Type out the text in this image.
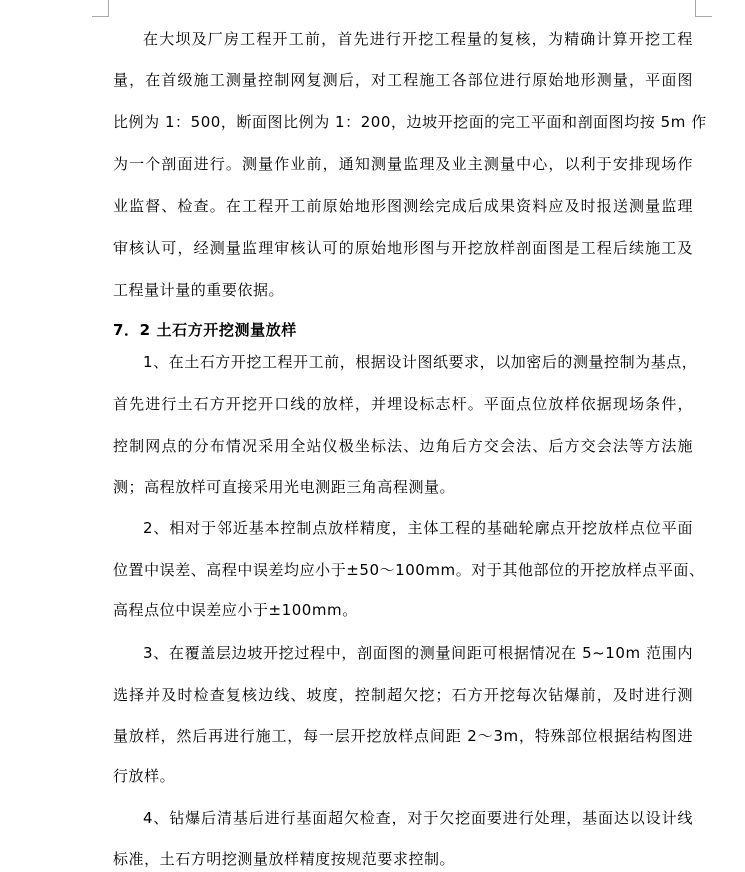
在大坝及厂房工程开工前，首先进行开挖工程量的复核，为精确计算开挖工程
量，在首级施工测量控制网复测后，对工程施工各部位进行原始地形测量，平面图
比例为 1：500，断面图比例为 1：200，边坡开挖面的完工平面和剖面图均按 5m 作
为一个剖面进行。测量作业前，通知测量监理及业主测量中心，以利于安排现场作
业监督、检查。在工程开工前原始地形图测绘完成后成果资料应及时报送测量监理
审核认可，经测量监理审核认可的原始地形图与开挖放样剖面图是工程后续施工及
工程量计量的重要依据。
7．2 土石方开挖测量放样
1、在土石方开挖工程开工前，根据设计图纸要求，以加密后的测量控制为基点，
首先进行土石方开挖开口线的放样，并埋设标志杆。平面点位放样依据现场条件，
控制网点的分布情况采用全站仪极坐标法、边角后方交会法、后方交会法等方法施
测；高程放样可直接采用光电测距三角高程测量。
2、相对于邻近基本控制点放样精度，主体工程的基础轮廓点开挖放样点位平面
位置中误差、高程中误差均应小于±50～100mm。对于其他部位的开挖放样点平面、
高程点位中误差应小于±100mm。
3、在覆盖层边坡开挖过程中，剖面图的测量间距可根据情况在 5~10m 范围内
选择并及时检查复核边线、坡度，控制超欠挖；石方开挖每次钻爆前，及时进行测
量放样，然后再进行施工，每一层开挖放样点间距 2～3m，特殊部位根据结构图进
行放样。
4、钻爆后清基后进行基面超欠检查，对于欠挖面要进行处理，基面达以设计线
标准，土石方明挖测量放样精度按规范要求控制。
